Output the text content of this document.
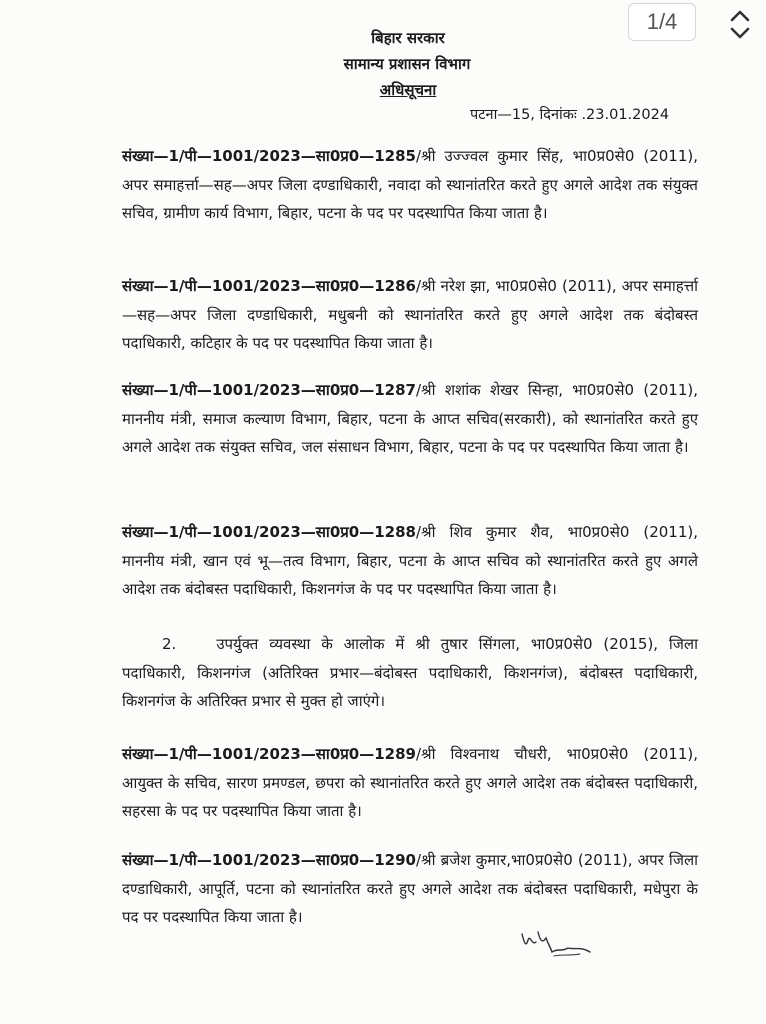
बिहार सरकार
सामान्य प्रशासन विभाग
अधिसूचना
पटना—15, दिनांकः .23.01.2024
संख्या—1/पी—1001/2023—सा0प्र0—1285/श्री उज्ज्वल कुमार सिंह, भा0प्र0से0 (2011), अपर समाहर्त्ता—सह—अपर जिला दण्डाधिकारी, नवादा को स्थानांतरित करते हुए अगले आदेश तक संयुक्त सचिव, ग्रामीण कार्य विभाग, बिहार, पटना के पद पर पदस्थापित किया जाता है।
संख्या—1/पी—1001/2023—सा0प्र0—1286/श्री नरेश झा, भा0प्र0से0 (2011), अपर समाहर्त्ता—सह—अपर जिला दण्डाधिकारी, मधुबनी को स्थानांतरित करते हुए अगले आदेश तक बंदोबस्त पदाधिकारी, कटिहार के पद पर पदस्थापित किया जाता है।
संख्या—1/पी—1001/2023—सा0प्र0—1287/श्री शशांक शेखर सिन्हा, भा0प्र0से0 (2011), माननीय मंत्री, समाज कल्याण विभाग, बिहार, पटना के आप्त सचिव(सरकारी), को स्थानांतरित करते हुए अगले आदेश तक संयुक्त सचिव, जल संसाधन विभाग, बिहार, पटना के पद पर पदस्थापित किया जाता है।
संख्या—1/पी—1001/2023—सा0प्र0—1288/श्री शिव कुमार शैव, भा0प्र0से0 (2011), माननीय मंत्री, खान एवं भू—तत्व विभाग, बिहार, पटना के आप्त सचिव को स्थानांतरित करते हुए अगले आदेश तक बंदोबस्त पदाधिकारी, किशनगंज के पद पर पदस्थापित किया जाता है।
2.	उपर्युक्त व्यवस्था के आलोक में श्री तुषार सिंगला, भा0प्र0से0 (2015), जिला पदाधिकारी, किशनगंज (अतिरिक्त प्रभार—बंदोबस्त पदाधिकारी, किशनगंज), बंदोबस्त पदाधिकारी, किशनगंज के अतिरिक्त प्रभार से मुक्त हो जाएंगे।
संख्या—1/पी—1001/2023—सा0प्र0—1289/श्री विश्वनाथ चौधरी, भा0प्र0से0 (2011), आयुक्त के सचिव, सारण प्रमण्डल, छपरा को स्थानांतरित करते हुए अगले आदेश तक बंदोबस्त पदाधिकारी, सहरसा के पद पर पदस्थापित किया जाता है।
संख्या—1/पी—1001/2023—सा0प्र0—1290/श्री ब्रजेश कुमार,भा0प्र0से0 (2011), अपर जिला दण्डाधिकारी, आपूर्ति, पटना को स्थानांतरित करते हुए अगले आदेश तक बंदोबस्त पदाधिकारी, मधेपुरा के पद पर पदस्थापित किया जाता है।
1/4
